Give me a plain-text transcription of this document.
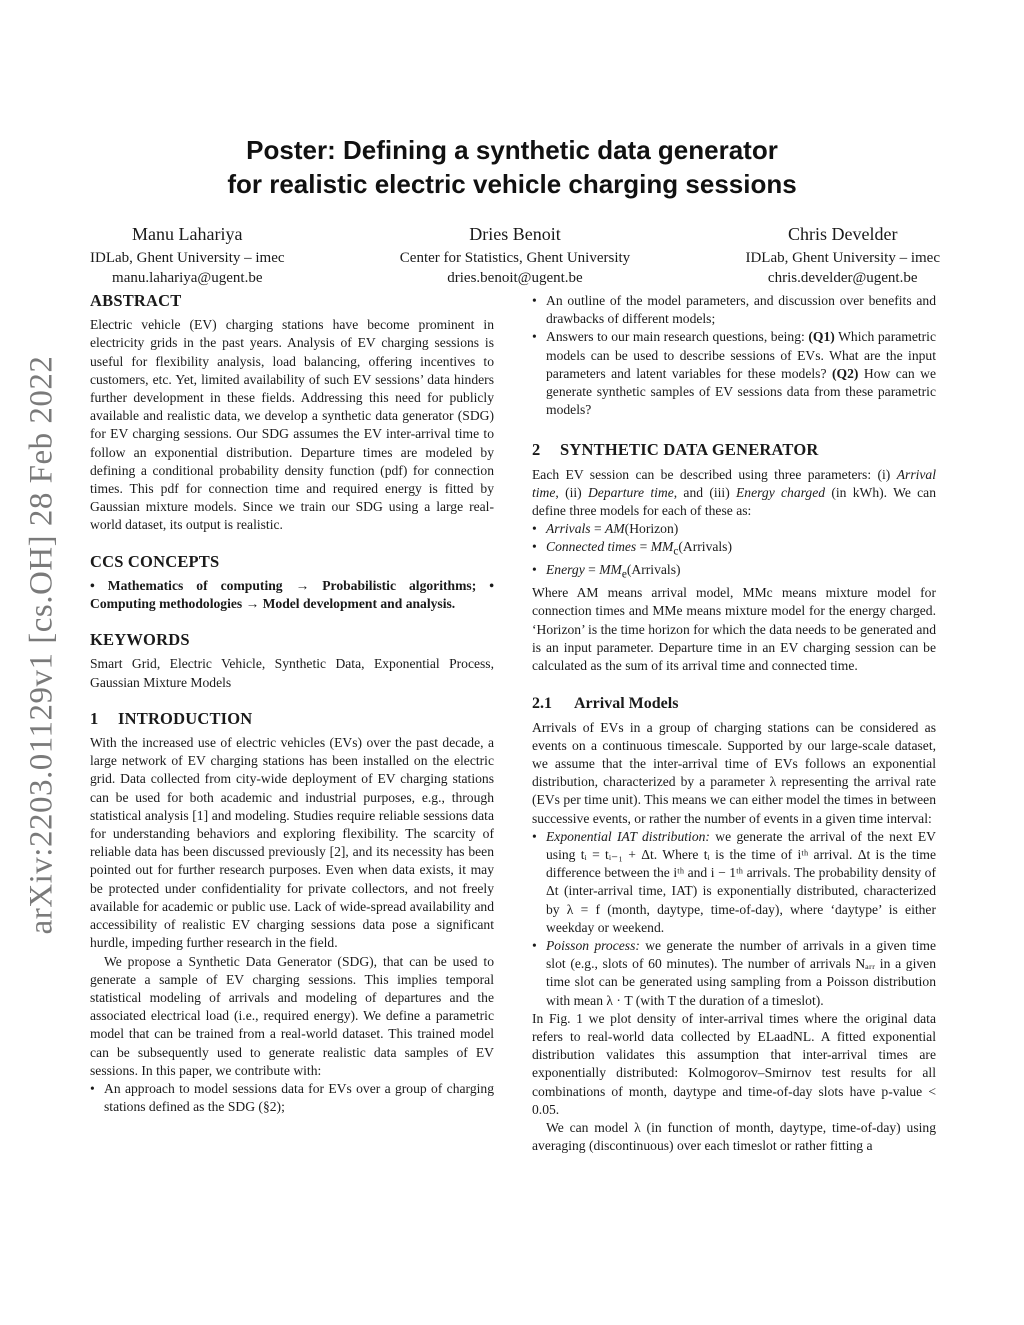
arXiv:2203.01129v1 [cs.OH] 28 Feb 2022
Poster: Defining a synthetic data generator
for realistic electric vehicle charging sessions
Manu Lahariya
IDLab, Ghent University – imec
manu.lahariya@ugent.be
Dries Benoit
Center for Statistics, Ghent University
dries.benoit@ugent.be
Chris Develder
IDLab, Ghent University – imec
chris.develder@ugent.be
ABSTRACT

Electric vehicle (EV) charging stations have become prominent in electricity grids in the past years. Analysis of EV charging sessions is useful for flexibility analysis, load balancing, offering incentives to customers, etc. Yet, limited availability of such EV sessions’ data hinders further development in these fields. Addressing this need for publicly available and realistic data, we develop a synthetic data generator (SDG) for EV charging sessions. Our SDG assumes the EV inter-arrival time to follow an exponential distribution. Departure times are modeled by defining a conditional probability density function (pdf) for connection times. This pdf for connection time and required energy is fitted by Gaussian mixture models. Since we train our SDG using a large real-world dataset, its output is realistic.

CCS CONCEPTS

• Mathematics of computing → Probabilistic algorithms; • Computing methodologies → Model development and analysis.

KEYWORDS

Smart Grid, Electric Vehicle, Synthetic Data, Exponential Process, Gaussian Mixture Models

1 INTRODUCTION

With the increased use of electric vehicles (EVs) over the past decade, a large network of EV charging stations has been installed on the electric grid. Data collected from city-wide deployment of EV charging stations can be used for both academic and industrial purposes, e.g., through statistical analysis [1] and modeling. Studies require reliable sessions data for understanding behaviors and exploring flexibility. The scarcity of reliable data has been discussed previously [2], and its necessity has been pointed out for further research purposes. Even when data exists, it may be protected under confidentiality for private collectors, and not freely available for academic or public use. Lack of wide-spread availability and accessibility of realistic EV charging sessions data pose a significant hurdle, impeding further research in the field.

We propose a Synthetic Data Generator (SDG), that can be used to generate a sample of EV charging sessions. This implies temporal statistical modeling of arrivals and modeling of departures and the associated electrical load (i.e., required energy). We define a parametric model that can be trained from a real-world dataset. This trained model can be subsequently used to generate realistic data samples of EV sessions. In this paper, we contribute with:

• An approach to model sessions data for EVs over a group of charging stations defined as the SDG (§2);
• An outline of the model parameters, and discussion over benefits and drawbacks of different models;
• Answers to our main research questions, being: (Q1) Which parametric models can be used to describe sessions of EVs. What are the input parameters and latent variables for these models? (Q2) How can we generate synthetic samples of EV sessions data from these parametric models?
2 SYNTHETIC DATA GENERATOR

Each EV session can be described using three parameters: (i) Arrival time, (ii) Departure time, and (iii) Energy charged (in kWh). We can define three models for each of these as:

• Arrivals = AM(Horizon)
• Connected times = $MM_c(Arrivals)$
• Energy = $MM_e(Arrivals)$

Where AM means arrival model, MMc means mixture model for connection times and MMe means mixture model for the energy charged. ‘Horizon’ is the time horizon for which the data needs to be generated and is an input parameter. Departure time in an EV charging session can be calculated as the sum of its arrival time and connected time.

2.1 Arrival Models

Arrivals of EVs in a group of charging stations can be considered as events on a continuous timescale. Supported by our large-scale dataset, we assume that the inter-arrival time of EVs follows an exponential distribution, characterized by a parameter λ representing the arrival rate (EVs per time unit). This means we can either model the times in between successive events, or rather the number of events in a given time interval:

• Exponential IAT distribution: we generate the arrival of the next EV using tᵢ = tᵢ₋₁ + Δt. Where tᵢ is the time of iᵗʰ arrival. Δt is the time difference between the iᵗʰ and i − 1ᵗʰ arrivals. The probability density of Δt (inter-arrival time, IAT) is exponentially distributed, characterized by λ = f (month, daytype, time-of-day), where ‘daytype’ is either weekday or weekend.
• Poisson process: we generate the number of arrivals in a given time slot (e.g., slots of 60 minutes). The number of arrivals Nₐᵣᵣ in a given time slot can be generated using sampling from a Poisson distribution with mean λ · T (with T the duration of a timeslot).

In Fig. 1 we plot density of inter-arrival times where the original data refers to real-world data collected by ELaadNL. A fitted exponential distribution validates this assumption that inter-arrival times are exponentially distributed: Kolmogorov–Smirnov test results for all combinations of month, daytype and time-of-day slots have p-value < 0.05.

We can model λ (in function of month, daytype, time-of-day) using averaging (discontinuous) over each timeslot or rather fitting a
